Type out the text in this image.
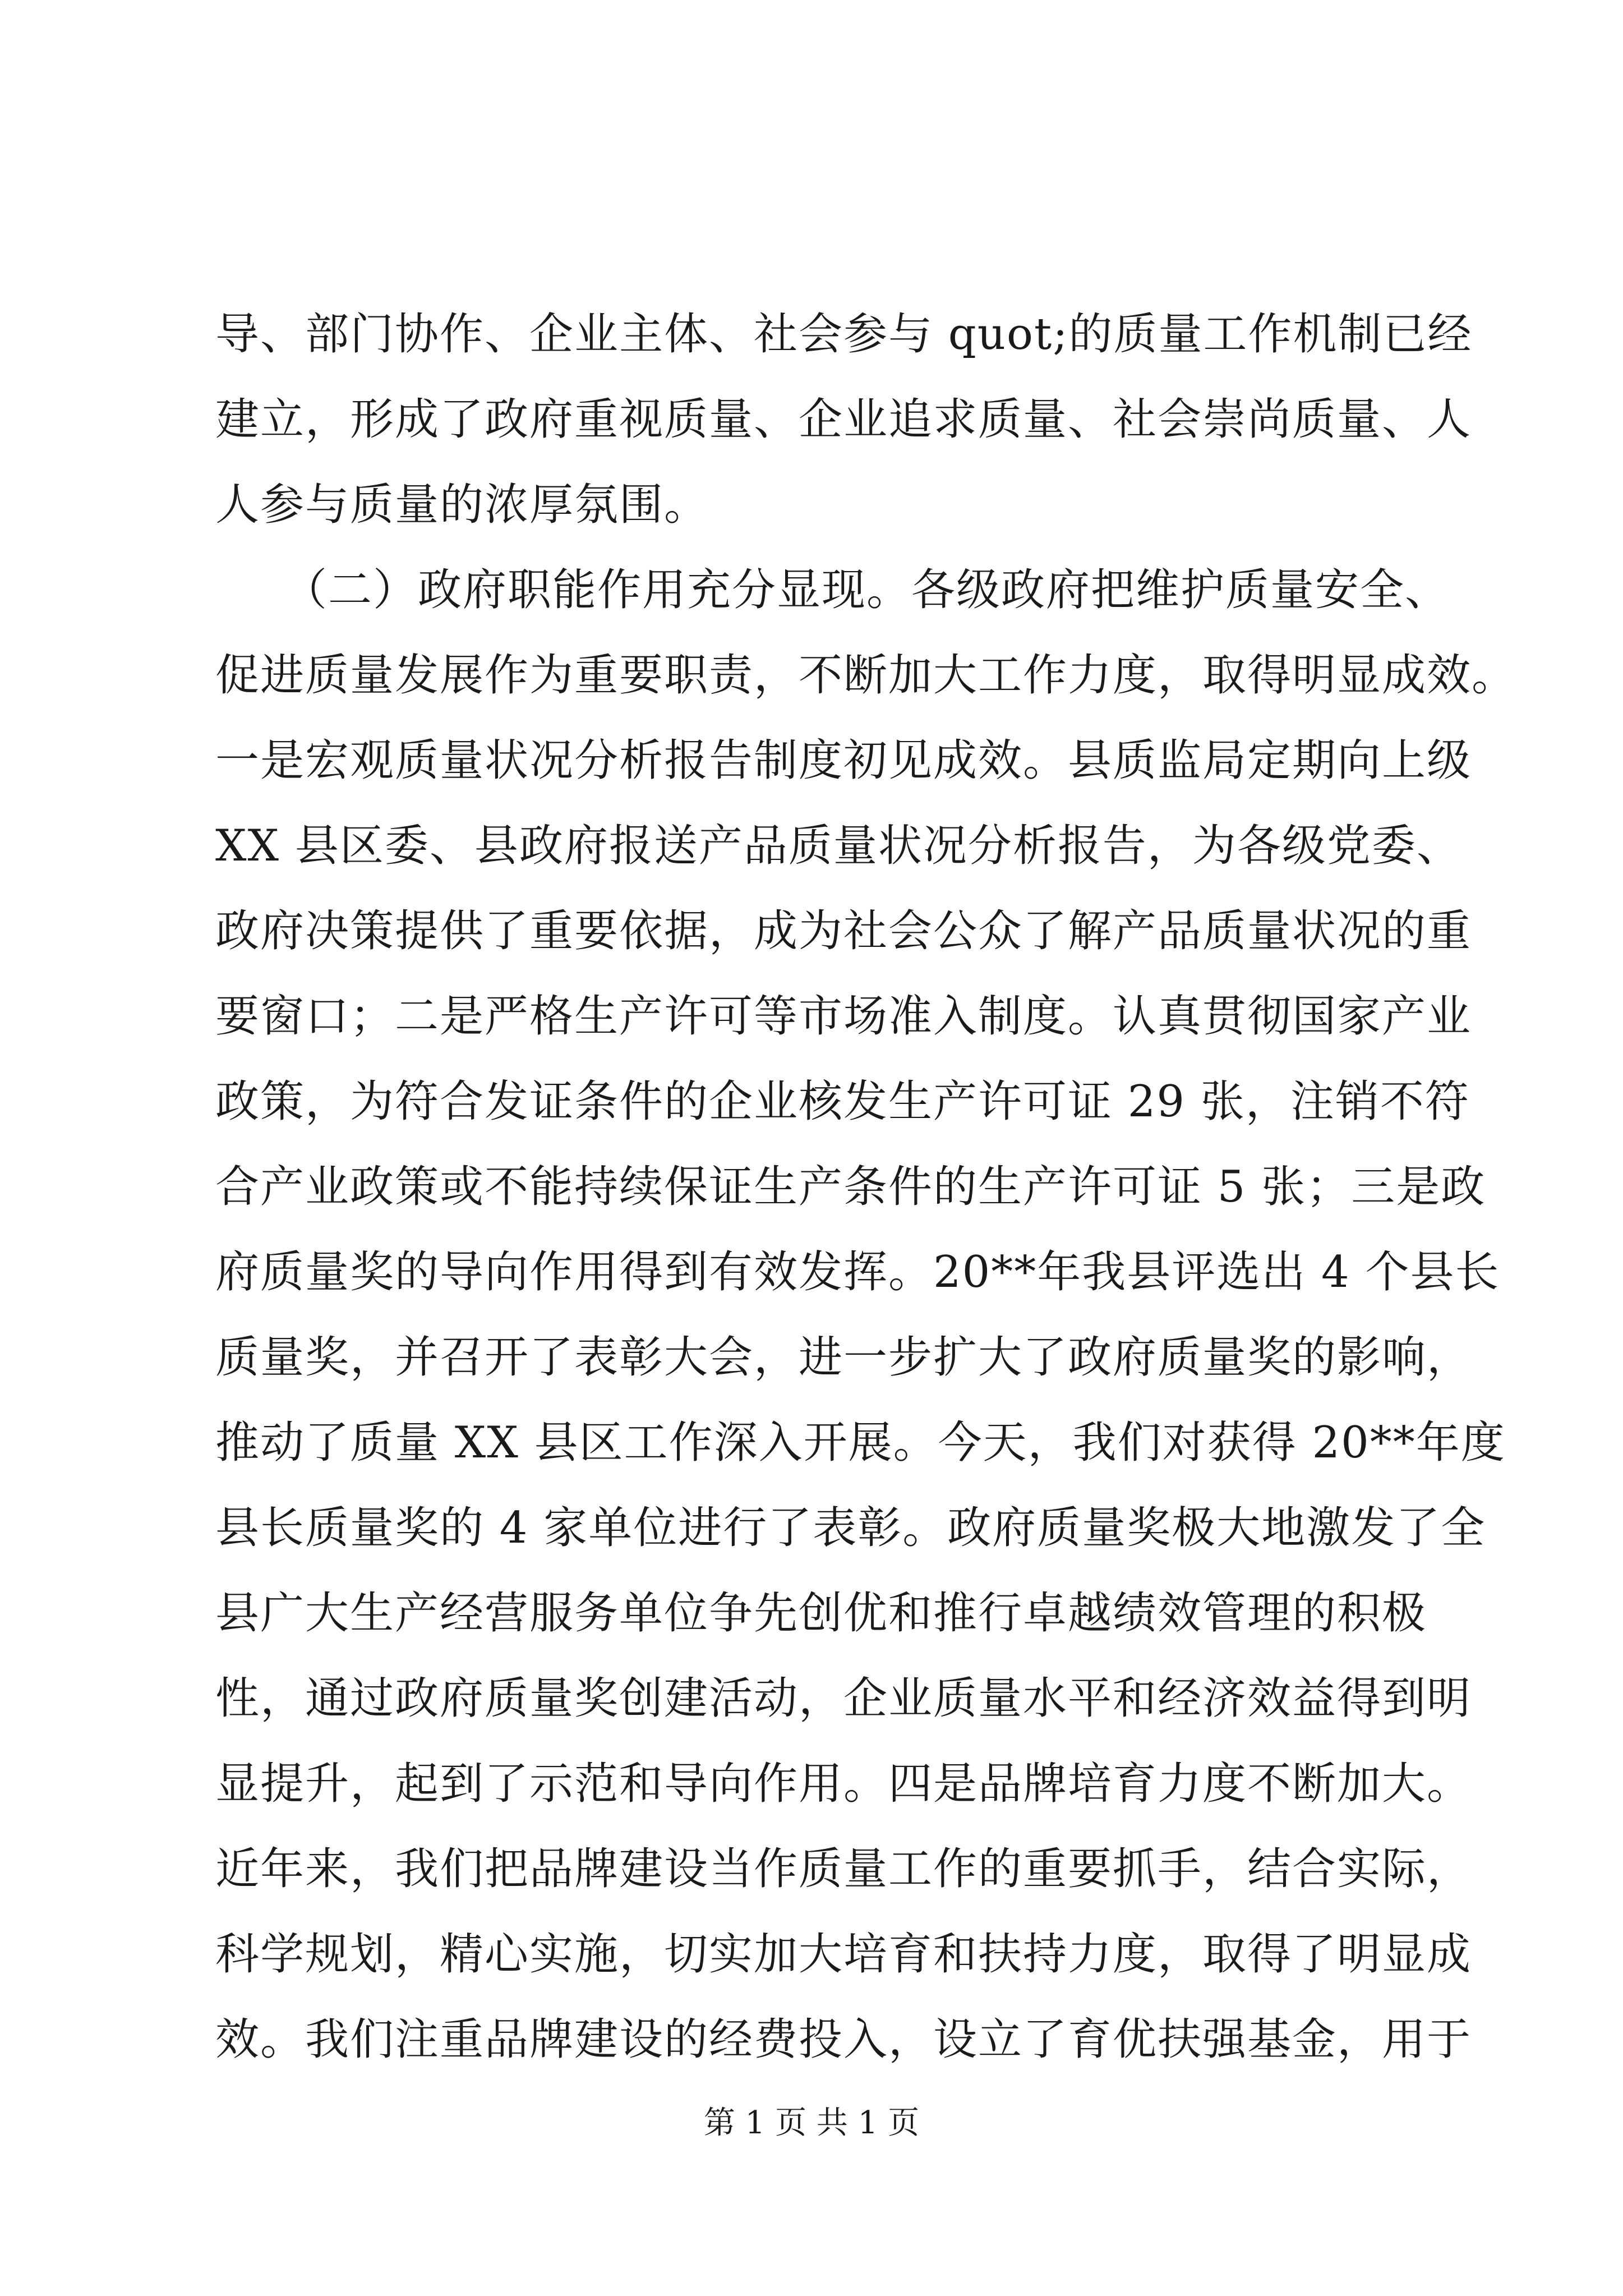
导、部门协作、企业主体、社会参与 quot;的质量工作机制已经
建立，形成了政府重视质量、企业追求质量、社会崇尚质量、人
人参与质量的浓厚氛围。
　　（二）政府职能作用充分显现。各级政府把维护质量安全、
促进质量发展作为重要职责，不断加大工作力度，取得明显成效。
一是宏观质量状况分析报告制度初见成效。县质监局定期向上级
XX 县区委、县政府报送产品质量状况分析报告，为各级党委、
政府决策提供了重要依据，成为社会公众了解产品质量状况的重
要窗口；二是严格生产许可等市场准入制度。认真贯彻国家产业
政策，为符合发证条件的企业核发生产许可证 29 张，注销不符
合产业政策或不能持续保证生产条件的生产许可证 5 张；三是政
府质量奖的导向作用得到有效发挥。20**年我县评选出 4 个县长
质量奖，并召开了表彰大会，进一步扩大了政府质量奖的影响，
推动了质量 XX 县区工作深入开展。今天，我们对获得 20**年度
县长质量奖的 4 家单位进行了表彰。政府质量奖极大地激发了全
县广大生产经营服务单位争先创优和推行卓越绩效管理的积极
性，通过政府质量奖创建活动，企业质量水平和经济效益得到明
显提升，起到了示范和导向作用。四是品牌培育力度不断加大。
近年来，我们把品牌建设当作质量工作的重要抓手，结合实际，
科学规划，精心实施，切实加大培育和扶持力度，取得了明显成
效。我们注重品牌建设的经费投入，设立了育优扶强基金，用于
第 1 页 共 1 页
